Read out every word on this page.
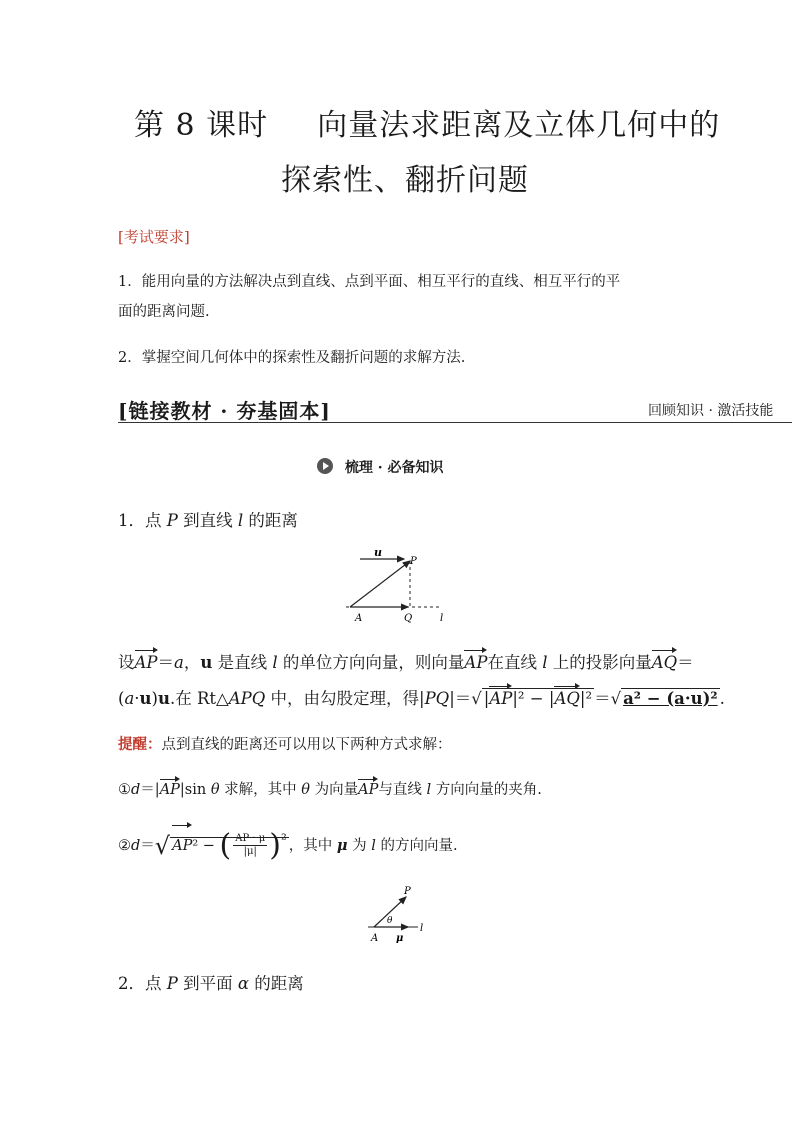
第 8 课时 向量法求距离及立体几何中的
探索性、翻折问题
[考试要求]
1．能用向量的方法解决点到直线、点到平面、相互平行的直线、相互平行的平
面的距离问题.
2．掌握空间几何体中的探索性及翻折问题的求解方法.
[链接教材 · 夯基固本]	回顾知识 · 激活技能
梳理 · 必备知识
1．点 P 到直线 l 的距离
u
P
A	Q	l
设AP＝a，u 是直线 l 的单位方向向量，则向量AP在直线 l 上的投影向量AQ＝
(a·u)u.在 Rt△APQ 中，由勾股定理，得|PQ|＝√ |AP|² − |AQ|² ＝√ a² − (a·u)² .
提醒：点到直线的距离还可以用以下两种方式求解：
①d＝|AP|sin θ 求解，其中 θ 为向量AP与直线 l 方向向量的夹角.
②d＝√ AP² − ( $\frac{AP \cdot \mu}{|\mu|} )^2$ ，其中 μ 为 l 的方向向量.
P
θ
A μ
l
2．点 P 到平面 α 的距离
